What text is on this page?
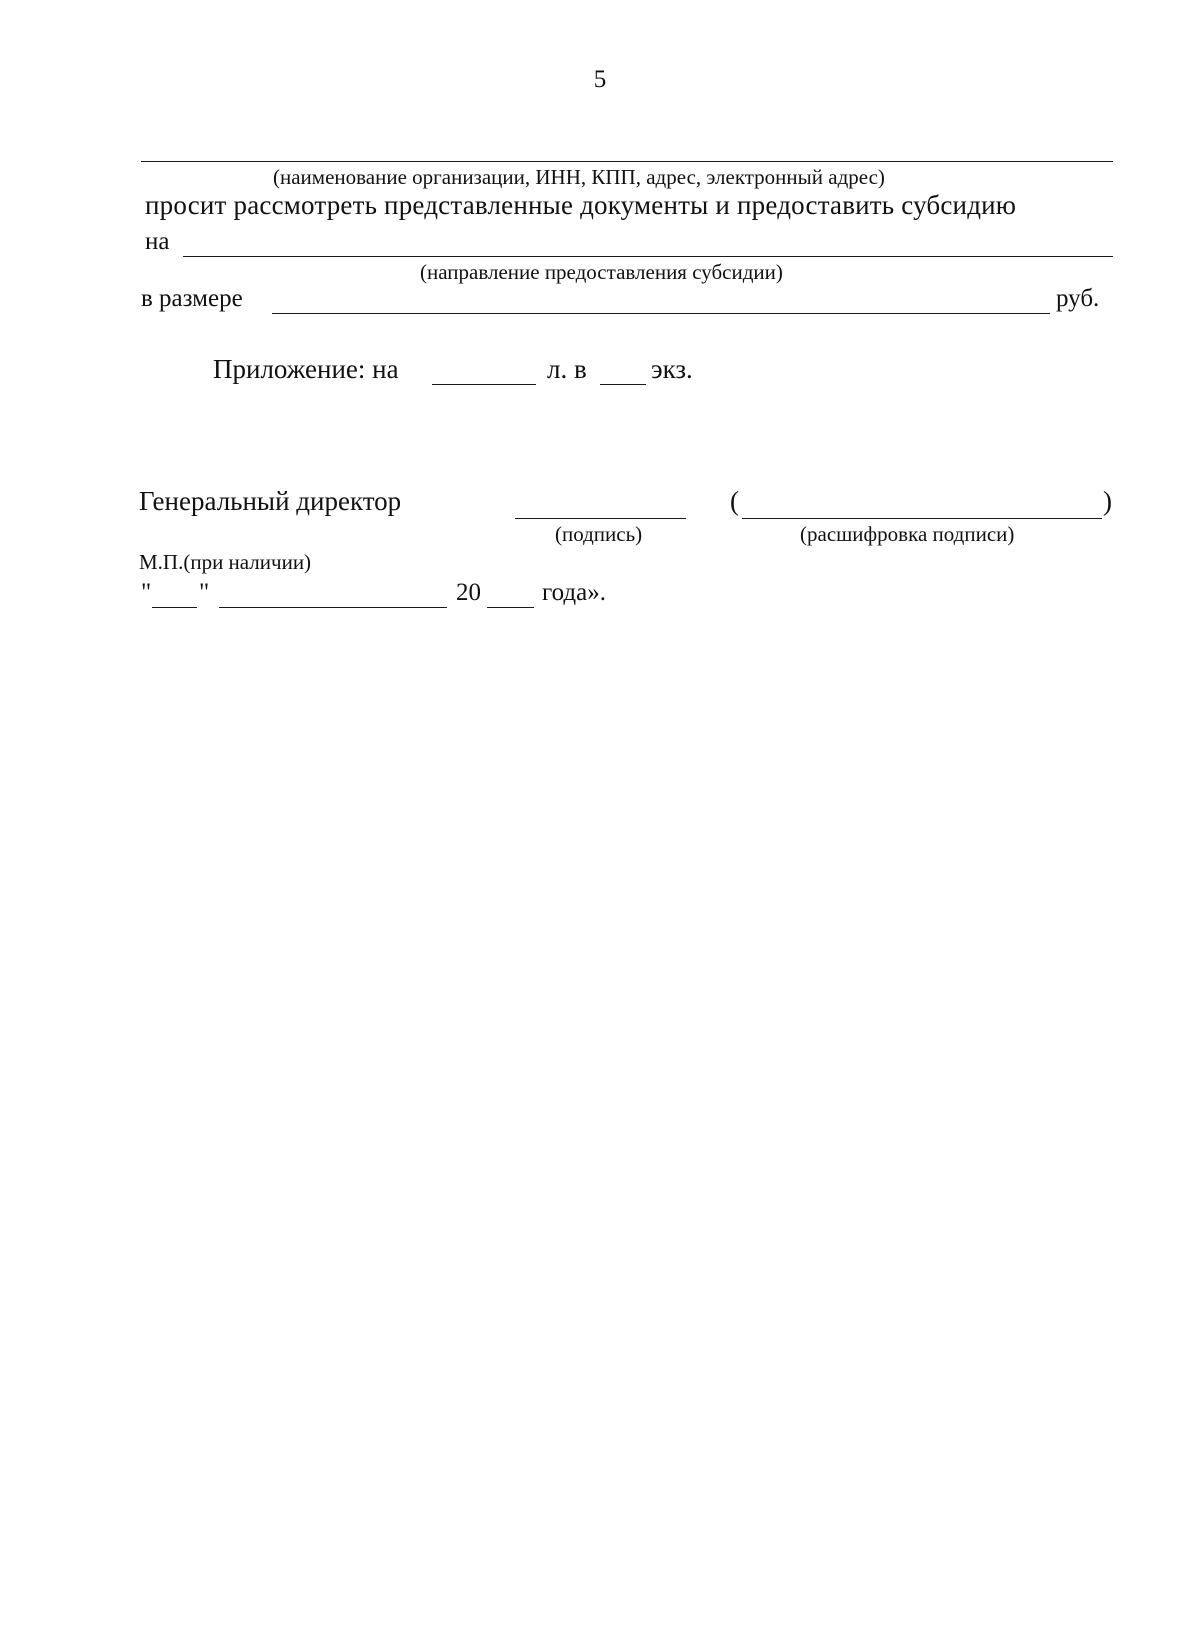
5
(наименование организации, ИНН, КПП, адрес, электронный адрес)
просит рассмотреть представленные документы и предоставить субсидию
на
(направление предоставления субсидии)
в размере	руб.
Приложение: на	л. в экз.
Генеральный директор	(	)
(подпись)	(расшифровка подписи)
М.П.(при наличии)
" "	20 года».
